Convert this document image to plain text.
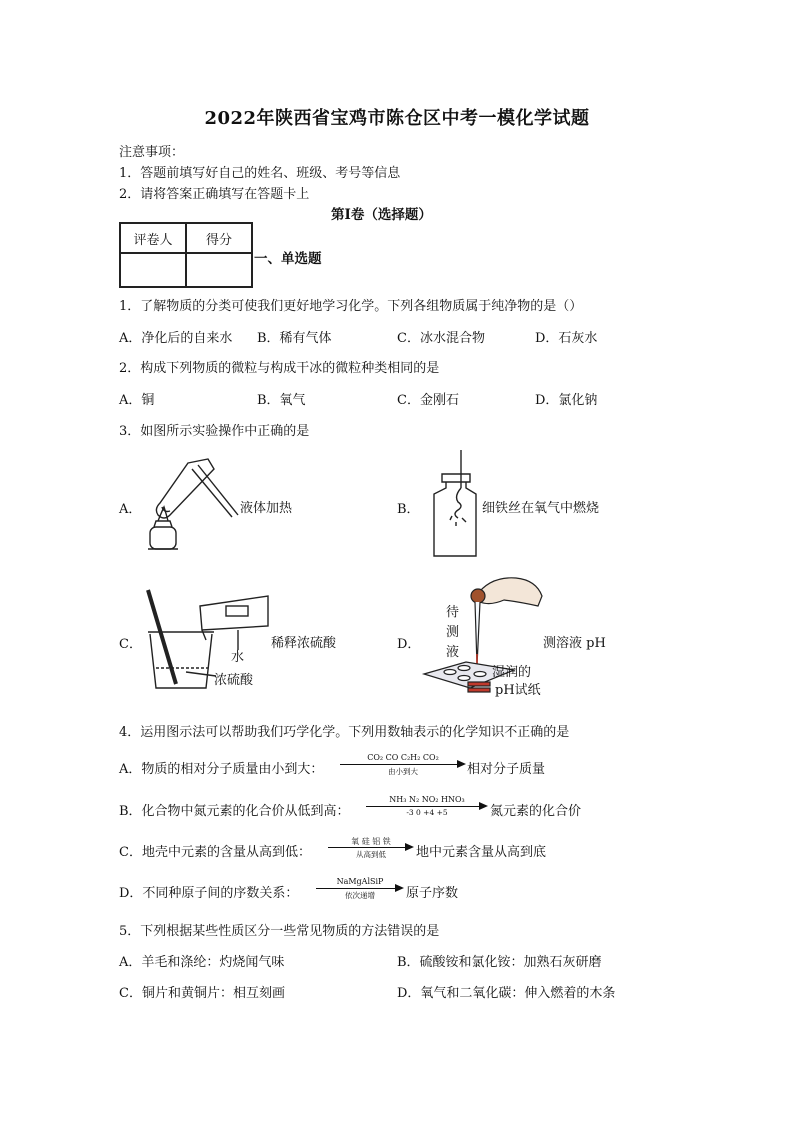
2022年陕西省宝鸡市陈仓区中考一模化学试题
注意事项：
1．答题前填写好自己的姓名、班级、考号等信息
2．请将答案正确填写在答题卡上
第I卷（选择题）
评卷人	得分

一、单选题
1．了解物质的分类可使我们更好地学习化学。下列各组物质属于纯净物的是（）
A．净化后的自来水 B．稀有气体	C．冰水混合物	D．石灰水
2．构成下列物质的微粒与构成干冰的微粒种类相同的是
A．铜	B．氧气	C．金刚石	D．氯化钠
3．如图所示实验操作中正确的是
A．	液体加热	B．	细铁丝在氧气中燃烧
C．	稀释浓硫酸
水
浓硫酸
D．
待
测
液
测溶液 pH
湿润的
pH试纸
4．运用图示法可以帮助我们巧学化学。下列用数轴表示的化学知识不正确的是
A．物质的相对分子质量由小到大：
CO₂ CO C₂H₂ CO₂
由小到大	相对分子质量
B．化合物中氮元素的化合价从低到高：
NH₃ N₂ NO₂ HNO₃
-3 0 +4 +5	氮元素的化合价
C．地壳中元素的含量从高到低：
氧 硅 铝 铁
从高到低	地中元素含量从高到底
D．不同种原子间的序数关系：
NaMgAlSiP
依次递增	原子序数
5．下列根据某些性质区分一些常见物质的方法错误的是
A．羊毛和涤纶：灼烧闻气味	B．硫酸铵和氯化铵：加熟石灰研磨
C．铜片和黄铜片：相互刻画	D．氧气和二氧化碳：伸入燃着的木条
